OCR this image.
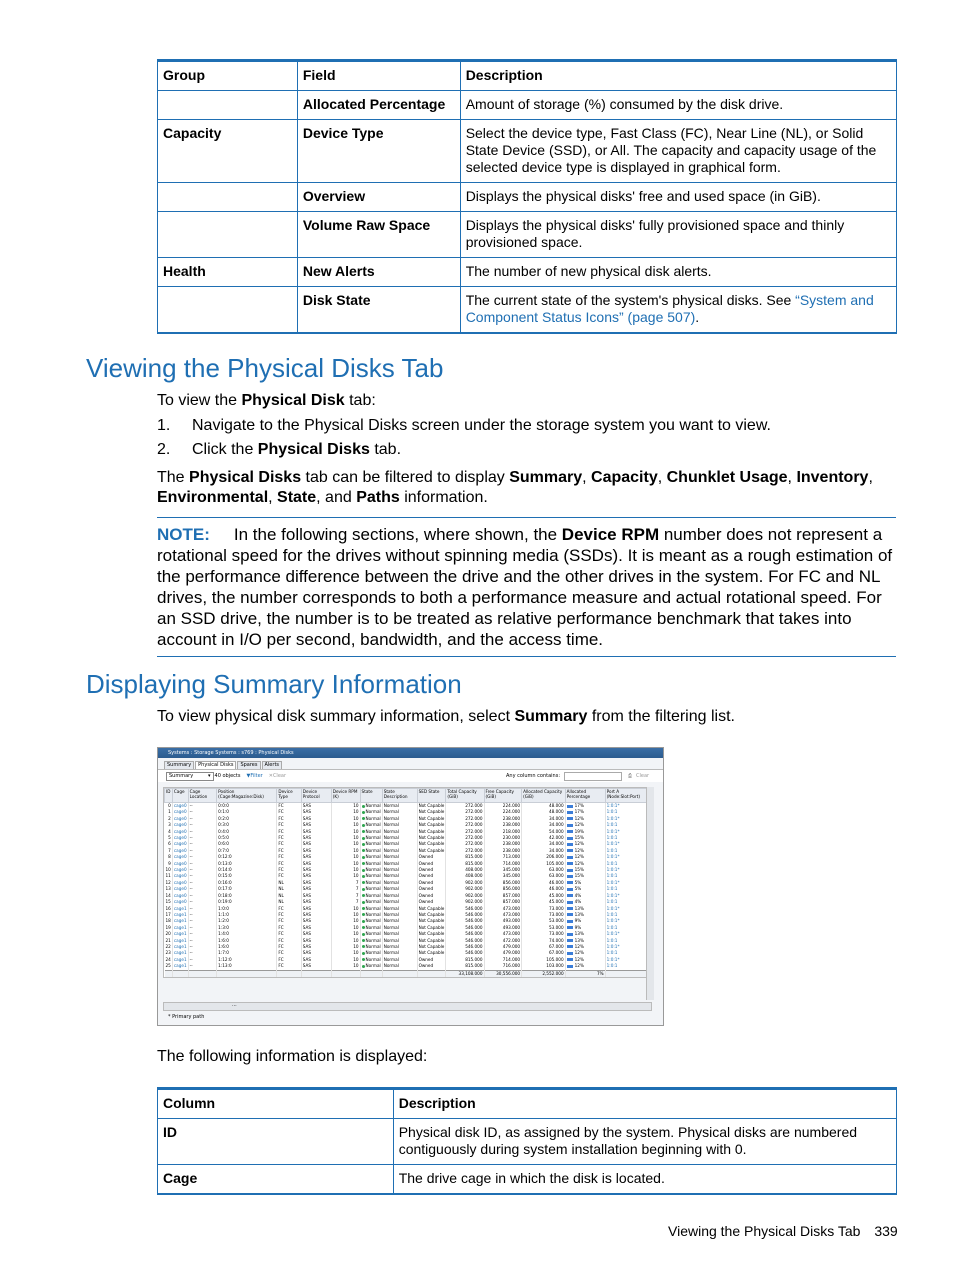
Group	Field	Description
	Allocated Percentage	Amount of storage (%) consumed by the disk drive.
Capacity	Device Type	Select the device type, Fast Class (FC), Near Line (NL), or Solid State Device (SSD), or All. The capacity and capacity usage of the selected device type is displayed in graphical form.
	Overview	Displays the physical disks' free and used space (in GiB).
	Volume Raw Space	Displays the physical disks' fully provisioned space and thinly provisioned space.
Health	New Alerts	The number of new physical disk alerts.
	Disk State	The current state of the system's physical disks. See “System and Component Status Icons” (page 507).
Viewing the Physical Disks Tab

To view the Physical Disk tab:

1. Navigate to the Physical Disks screen under the storage system you want to view.

2. Click the Physical Disks tab.

The Physical Disks tab can be filtered to display Summary, Capacity, Chunklet Usage, Inventory, Environmental, State, and Paths information.

NOTE: In the following sections, where shown, the Device RPM number does not represent a rotational speed for the drives without spinning media (SSDs). It is meant as a rough estimation of the performance difference between the drive and the other drives in the system. For FC and NL drives, the number corresponds to both a performance measure and actual rotational speed. For an SSD drive, the number is to be treated as relative performance benchmark that takes into account in I/O per second, bandwidth, and the access time.
Displaying Summary Information

To view physical disk summary information, select Summary from the filtering list.

Systems : Storage Systems : s769 : Physical Disks
Summary	Physical Disks	Spares	Alerts
Summary	▾ 40 objects ▼ Filter ✕ Clear	Any column contains:	⎙ Clear
ID	Cage	Cage Location	Position (Cage:Magazine:Disk)	Device Type	Device Protocol	Device RPM (K)	State	State Description	SED State	Total Capacity (GiB)	Free Capacity (GiB)	Allocated Capacity (GiB)	Allocated Percentage	Port A (Node:Slot:Port)
0	cage0	--	0:0:0	FC	SAS	10	Normal	Normal	Not Capable	272.000	224.000	48.000	17%	1:0:1*
1	cage0	--	0:1:0	FC	SAS	10	Normal	Normal	Not Capable	272.000	224.000	48.000	17%	1:0:1
2	cage0	--	0:2:0	FC	SAS	10	Normal	Normal	Not Capable	272.000	238.000	34.000	12%	1:0:1*
3	cage0	--	0:3:0	FC	SAS	10	Normal	Normal	Not Capable	272.000	238.000	34.000	12%	1:0:1
4	cage0	--	0:4:0	FC	SAS	10	Normal	Normal	Not Capable	272.000	218.000	54.000	19%	1:0:1*
5	cage0	--	0:5:0	FC	SAS	10	Normal	Normal	Not Capable	272.000	230.000	42.000	15%	1:0:1
6	cage0	--	0:6:0	FC	SAS	10	Normal	Normal	Not Capable	272.000	238.000	34.000	12%	1:0:1*
7	cage0	--	0:7:0	FC	SAS	10	Normal	Normal	Not Capable	272.000	238.000	34.000	12%	1:0:1
8	cage0	--	0:12:0	FC	SAS	10	Normal	Normal	Owned	815.000	713.000	206.000	12%	1:0:1*
9	cage0	--	0:13:0	FC	SAS	10	Normal	Normal	Owned	815.000	714.000	105.000	12%	1:0:1
10	cage0	--	0:14:0	FC	SAS	10	Normal	Normal	Owned	408.000	345.000	63.000	15%	1:0:1*
11	cage0	--	0:15:0	FC	SAS	10	Normal	Normal	Owned	408.000	345.000	63.000	15%	1:0:1
12	cage0	--	0:16:0	NL	SAS	7	Normal	Normal	Owned	902.000	856.000	46.000	5%	1:0:1*
13	cage0	--	0:17:0	NL	SAS	7	Normal	Normal	Owned	902.000	856.000	46.000	5%	1:0:1
14	cage0	--	0:18:0	NL	SAS	7	Normal	Normal	Owned	902.000	857.000	45.000	4%	1:0:1*
15	cage0	--	0:19:0	NL	SAS	7	Normal	Normal	Owned	902.000	857.000	45.000	4%	1:0:1
16	cage1	--	1:0:0	FC	SAS	10	Normal	Normal	Not Capable	546.000	473.000	73.000	13%	1:0:1*
17	cage1	--	1:1:0	FC	SAS	10	Normal	Normal	Not Capable	546.000	473.000	73.000	13%	1:0:1
18	cage1	--	1:2:0	FC	SAS	10	Normal	Normal	Not Capable	546.000	493.000	53.000	9%	1:0:1*
19	cage1	--	1:3:0	FC	SAS	10	Normal	Normal	Not Capable	546.000	493.000	53.000	9%	1:0:1
20	cage1	--	1:4:0	FC	SAS	10	Normal	Normal	Not Capable	546.000	473.000	73.000	13%	1:0:1*
21	cage1	--	1:6:0	FC	SAS	10	Normal	Normal	Not Capable	546.000	472.000	74.000	13%	1:0:1
22	cage1	--	1:6:0	FC	SAS	10	Normal	Normal	Not Capable	546.000	479.000	67.000	12%	1:0:1*
23	cage1	--	1:7:0	FC	SAS	10	Normal	Normal	Not Capable	546.000	479.000	67.000	12%	1:0:1
24	cage1	--	1:12:0	FC	SAS	10	Normal	Normal	Owned	815.000	714.000	105.000	12%	1:0:1*
25	cage1	--	1:13:0	FC	SAS	10	Normal	Normal	Owned	815.000	716.000	103.000	12%	1:0:1
										33,108.000	30,556.000	2,552.000	7%	
...
* Primary path

The following information is displayed:

Column	Description
ID	Physical disk ID, as assigned by the system. Physical disks are numbered contiguously during system installation beginning with 0.
Cage	The drive cage in which the disk is located.
Viewing the Physical Disks Tab 339
